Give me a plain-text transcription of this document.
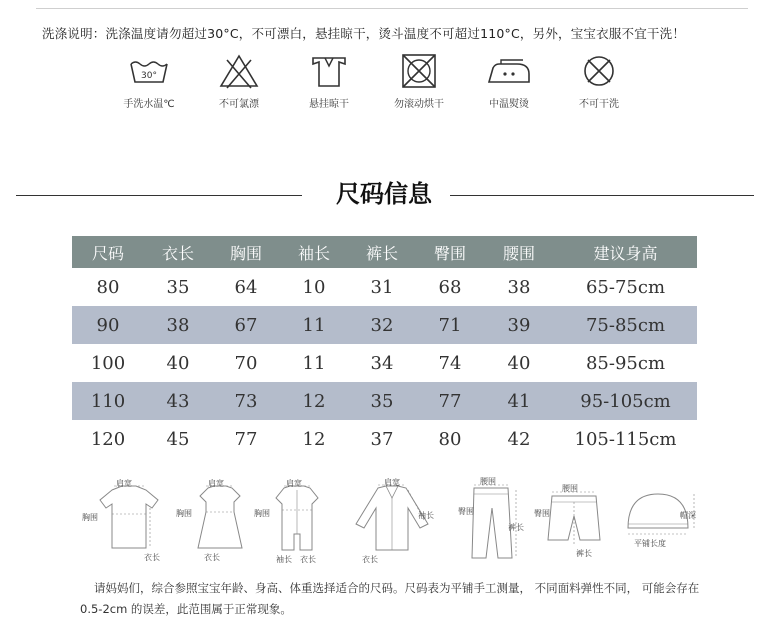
洗涤说明：洗涤温度请勿超过30°C，不可漂白，悬挂晾干，烫斗温度不可超过110°C，另外，宝宝衣服不宜干洗！
30°
手洗水温℃	不可氯漂	悬挂晾干	勿滚动烘干	中温熨烫	不可干洗
尺码信息
尺码	衣长	胸围	袖长	裤长	臀围	腰围	建议身高
80	35	64	10	31	68	38	65-75cm
90	38	67	11	32	71	39	75-85cm
100	40	70	11	34	74	40	85-95cm
110	43	73	12	35	77	41	95-105cm
120	45	77	12	37	80	42	105-115cm
肩宽
胸围
衣长
肩宽
胸围
衣长
肩宽
胸围
袖长 衣长
肩宽
袖长
衣长
腰围
臀围
裤长
腰围
臀围
裤长
帽深
平铺长度
请妈妈们，综合参照宝宝年龄、身高、体重选择适合的尺码。尺码表为平铺手工测量， 不同面料弹性不同， 可能会存在 0.5-2cm 的误差，此范围属于正常现象。
